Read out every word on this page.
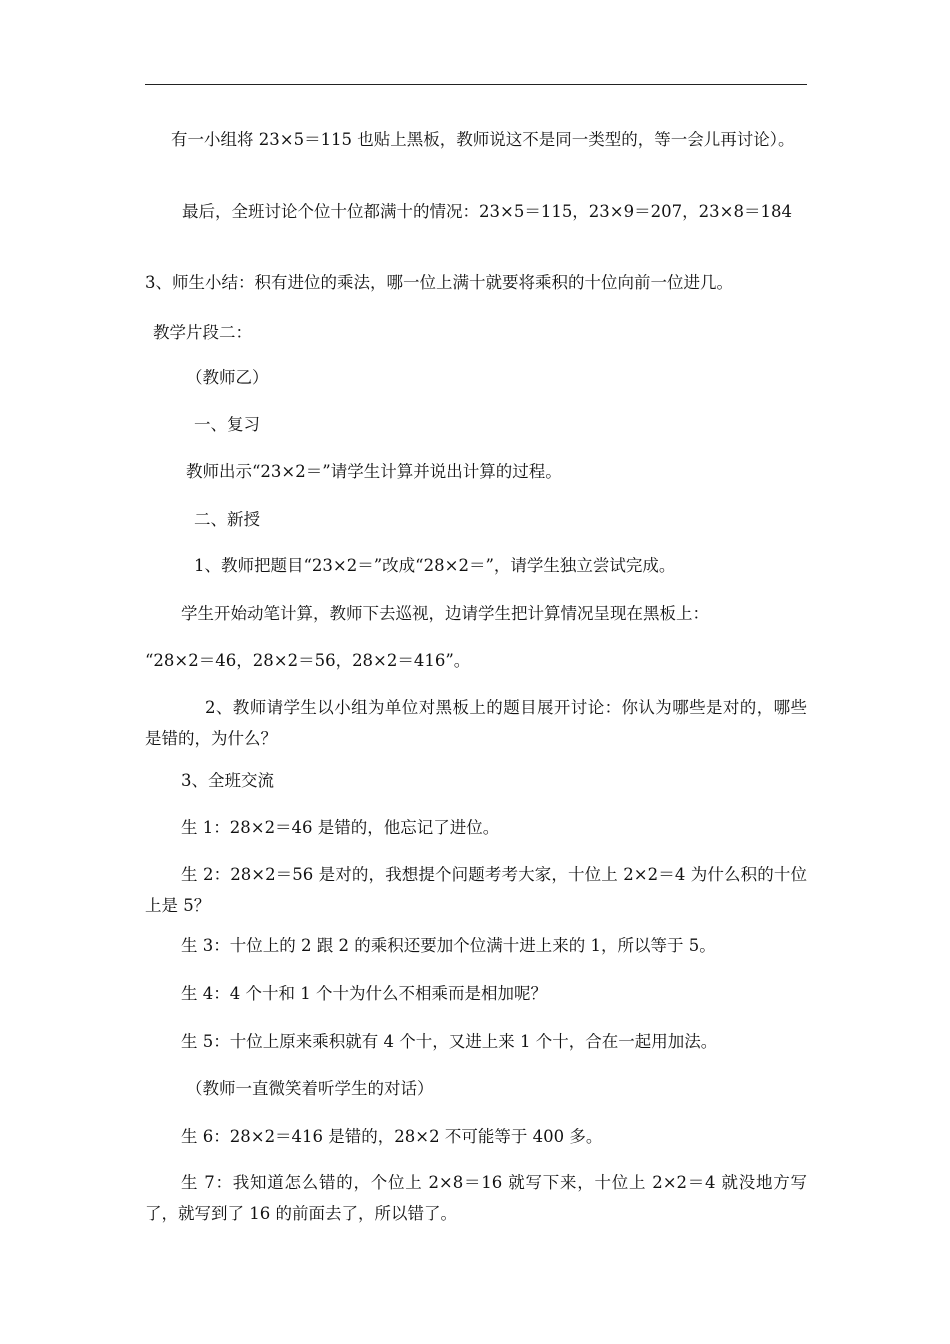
有一小组将 23×5＝115 也贴上黑板，教师说这不是同一类型的，等一会儿再讨论）。

最后，全班讨论个位十位都满十的情况：23×5＝115，23×9＝207，23×8＝184

3、师生小结：积有进位的乘法，哪一位上满十就要将乘积的十位向前一位进几。

教学片段二：

（教师乙）

一、复习

教师出示“23×2＝”请学生计算并说出计算的过程。

二、新授

1、教师把题目“23×2＝”改成“28×2＝”，请学生独立尝试完成。

学生开始动笔计算，教师下去巡视，边请学生把计算情况呈现在黑板上：

“28×2＝46，28×2＝56，28×2＝416”。

2、教师请学生以小组为单位对黑板上的题目展开讨论：你认为哪些是对的，哪些是错的，为什么？

3、全班交流

生 1：28×2＝46 是错的，他忘记了进位。

生 2：28×2＝56 是对的，我想提个问题考考大家，十位上 2×2＝4 为什么积的十位上是 5？

生 3：十位上的 2 跟 2 的乘积还要加个位满十进上来的 1，所以等于 5。

生 4：4 个十和 1 个十为什么不相乘而是相加呢？

生 5：十位上原来乘积就有 4 个十，又进上来 1 个十，合在一起用加法。

（教师一直微笑着听学生的对话）

生 6：28×2＝416 是错的，28×2 不可能等于 400 多。

生 7：我知道怎么错的，个位上 2×8＝16 就写下来，十位上 2×2＝4 就没地方写了，就写到了 16 的前面去了，所以错了。
